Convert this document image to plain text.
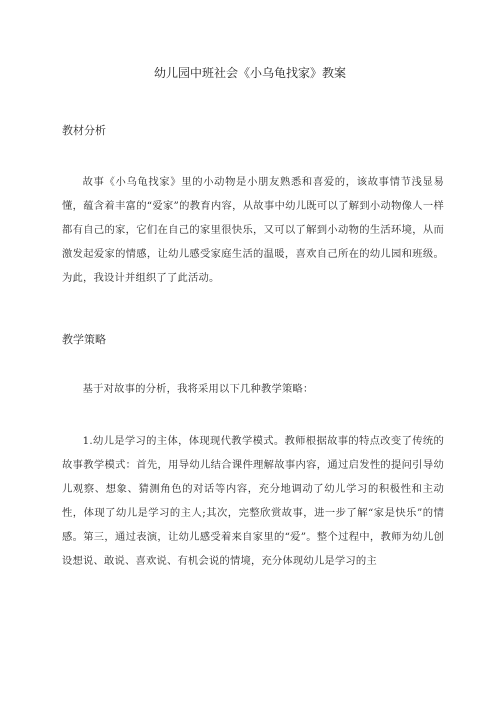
幼儿园中班社会《小乌龟找家》教案
教材分析

故事《小乌龟找家》里的小动物是小朋友熟悉和喜爱的，该故事情节浅显易懂，蕴含着丰富的“爱家”的教育内容，从故事中幼儿既可以了解到小动物像人一样都有自己的家，它们在自己的家里很快乐，又可以了解到小动物的生活环境，从而激发起爱家的情感，让幼儿感受家庭生活的温暖，喜欢自己所在的幼儿园和班级。为此，我设计并组织了了此活动。

教学策略

基于对故事的分析，我将采用以下几种教学策略：

1.幼儿是学习的主体，体现现代教学模式。教师根据故事的特点改变了传统的故事教学模式：首先，用导幼儿结合课件理解故事内容，通过启发性的提问引导幼儿观察、想象、猜测角色的对话等内容，充分地调动了幼儿学习的积极性和主动性，体现了幼儿是学习的主人;其次，完整欣赏故事，进一步了解“家是快乐”的情感。第三，通过表演，让幼儿感受着来自家里的“爱”。整个过程中，教师为幼儿创设想说、敢说、喜欢说、有机会说的情境，充分体现幼儿是学习的主
